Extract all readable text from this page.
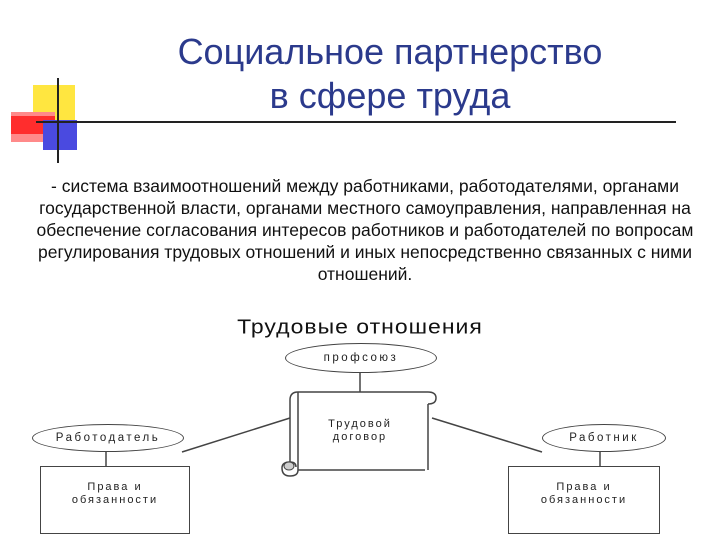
Социальное партнерство
в сфере труда
- система взаимоотношений между работниками, работодателями, органами государственной власти, органами местного самоуправления, направленная на обеспечение согласования интересов работников и работодателей по вопросам регулирования трудовых отношений и иных непосредственно связанных с ними отношений.
Трудовые отношения
профсоюз
Трудовой
договор
Работодатель	Работник
Права и
обязанности
Права и
обязанности
